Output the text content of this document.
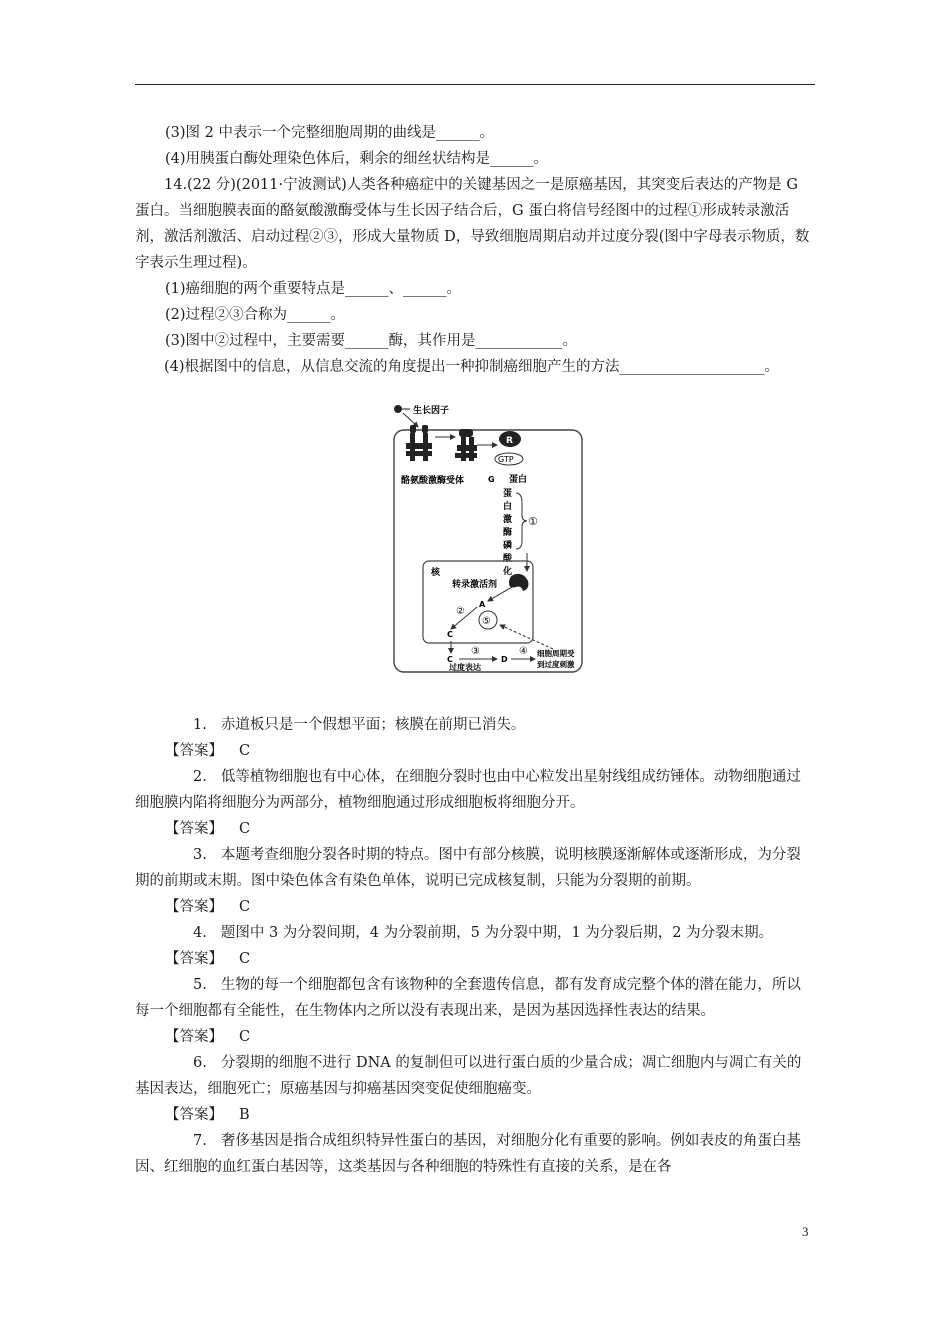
(3)图 2 中表示一个完整细胞周期的曲线是______。

(4)用胰蛋白酶处理染色体后，剩余的细丝状结构是______。

14.(22 分)(2011·宁波测试)人类各种癌症中的关键基因之一是原癌基因，其突变后表达的产物是 G 蛋白。当细胞膜表面的酪氨酸激酶受体与生长因子结合后，G 蛋白将信号经图中的过程①形成转录激活剂，激活剂激活、启动过程②③，形成大量物质 D，导致细胞周期启动并过度分裂(图中字母表示物质，数字表示生理过程)。

(1)癌细胞的两个重要特点是______、______。

(2)过程②③合称为______。

(3)图中②过程中，主要需要______酶，其作用是____________。

(4)根据图中的信息，从信息交流的角度提出一种抑制癌细胞产生的方法____________________。

生长因子
R
GTP
G 蛋白
酪氨酸激酶受体
蛋
白
激
酶
磷
酸
化
①
核
转录激活剂
A
②
⑤
C
C
③
D
④
过度表达
细胞周期受
到过度刺激

1. 赤道板只是一个假想平面；核膜在前期已消失。

【答案】 C

2. 低等植物细胞也有中心体，在细胞分裂时也由中心粒发出星射线组成纺锤体。动物细胞通过细胞膜内陷将细胞分为两部分，植物细胞通过形成细胞板将细胞分开。

【答案】 C

3. 本题考查细胞分裂各时期的特点。图中有部分核膜，说明核膜逐渐解体或逐渐形成，为分裂期的前期或末期。图中染色体含有染色单体，说明已完成核复制，只能为分裂期的前期。

【答案】 C

4. 题图中 3 为分裂间期，4 为分裂前期，5 为分裂中期，1 为分裂后期，2 为分裂末期。

【答案】 C

5. 生物的每一个细胞都包含有该物种的全套遗传信息，都有发育成完整个体的潜在能力，所以每一个细胞都有全能性，在生物体内之所以没有表现出来，是因为基因选择性表达的结果。

【答案】 C

6. 分裂期的细胞不进行 DNA 的复制但可以进行蛋白质的少量合成；凋亡细胞内与凋亡有关的基因表达，细胞死亡；原癌基因与抑癌基因突变促使细胞癌变。

【答案】 B

7. 奢侈基因是指合成组织特异性蛋白的基因，对细胞分化有重要的影响。例如表皮的角蛋白基因、红细胞的血红蛋白基因等，这类基因与各种细胞的特殊性有直接的关系，是在各

3
